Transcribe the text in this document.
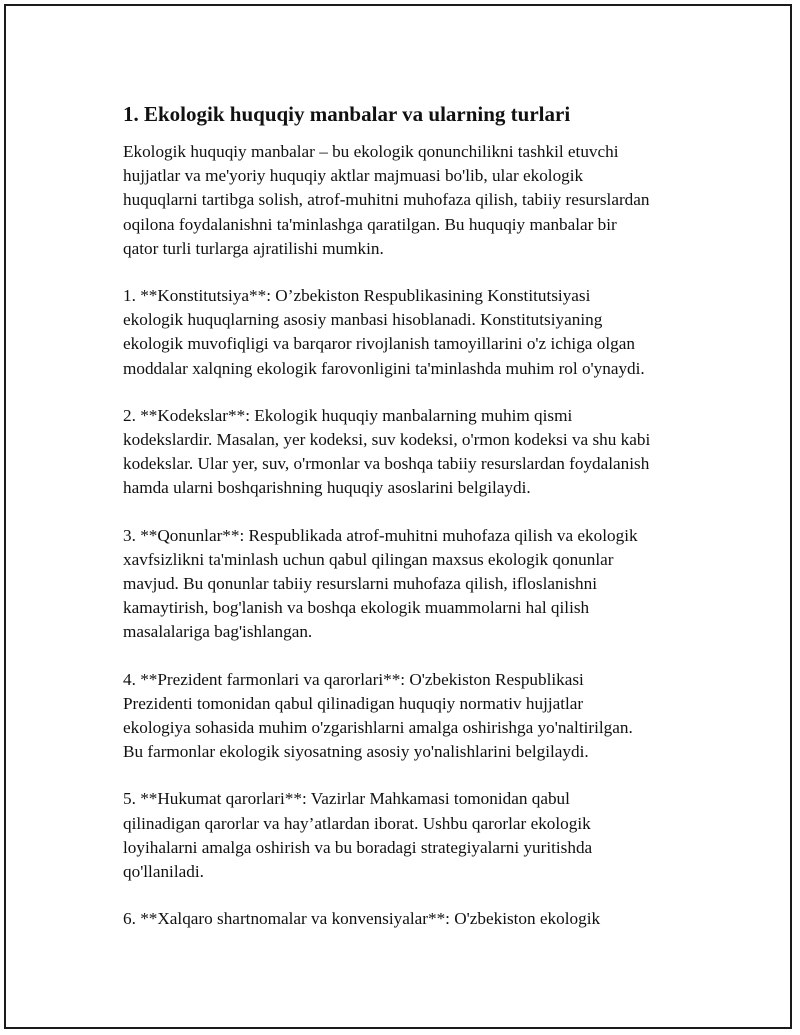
1. Ekologik huquqiy manbalar va ularning turlari

Ekologik huquqiy manbalar – bu ekologik qonunchilikni tashkil etuvchi
hujjatlar va me'yoriy huquqiy aktlar majmuasi bo'lib, ular ekologik
huquqlarni tartibga solish, atrof-muhitni muhofaza qilish, tabiiy resurslardan
oqilona foydalanishni ta'minlashga qaratilgan. Bu huquqiy manbalar bir
qator turli turlarga ajratilishi mumkin.

1. **Konstitutsiya**: O’zbekiston Respublikasining Konstitutsiyasi
ekologik huquqlarning asosiy manbasi hisoblanadi. Konstitutsiyaning
ekologik muvofiqligi va barqaror rivojlanish tamoyillarini o'z ichiga olgan
moddalar xalqning ekologik farovonligini ta'minlashda muhim rol o'ynaydi.

2. **Kodekslar**: Ekologik huquqiy manbalarning muhim qismi
kodekslardir. Masalan, yer kodeksi, suv kodeksi, o'rmon kodeksi va shu kabi
kodekslar. Ular yer, suv, o'rmonlar va boshqa tabiiy resurslardan foydalanish
hamda ularni boshqarishning huquqiy asoslarini belgilaydi.

3. **Qonunlar**: Respublikada atrof-muhitni muhofaza qilish va ekologik
xavfsizlikni ta'minlash uchun qabul qilingan maxsus ekologik qonunlar
mavjud. Bu qonunlar tabiiy resurslarni muhofaza qilish, ifloslanishni
kamaytirish, bog'lanish va boshqa ekologik muammolarni hal qilish
masalalariga bag'ishlangan.

4. **Prezident farmonlari va qarorlari**: O'zbekiston Respublikasi
Prezidenti tomonidan qabul qilinadigan huquqiy normativ hujjatlar
ekologiya sohasida muhim o'zgarishlarni amalga oshirishga yo'naltirilgan.
Bu farmonlar ekologik siyosatning asosiy yo'nalishlarini belgilaydi.

5. **Hukumat qarorlari**: Vazirlar Mahkamasi tomonidan qabul
qilinadigan qarorlar va hay’atlardan iborat. Ushbu qarorlar ekologik
loyihalarni amalga oshirish va bu boradagi strategiyalarni yuritishda
qo'llaniladi.

6. **Xalqaro shartnomalar va konvensiyalar**: O'zbekiston ekologik
